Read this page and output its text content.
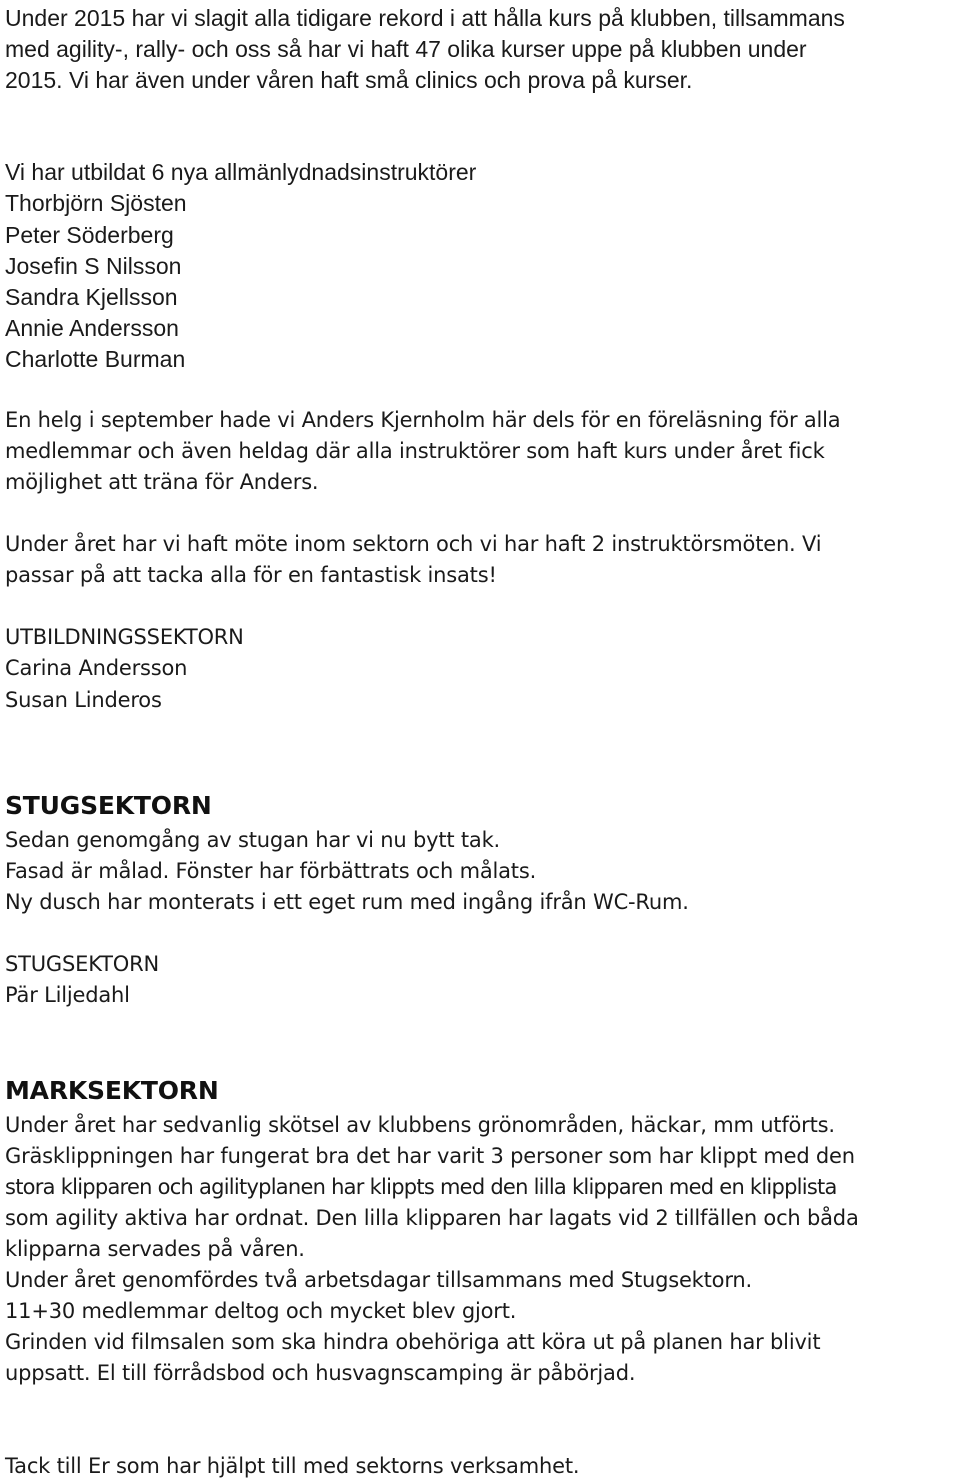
Under 2015 har vi slagit alla tidigare rekord i att hålla kurs på klubben, tillsammans

med agility-, rally- och oss så har vi haft 47 olika kurser uppe på klubben under

2015. Vi har även under våren haft små clinics och prova på kurser.

Vi har utbildat 6 nya allmänlydnadsinstruktörer

Thorbjörn Sjösten

Peter Söderberg

Josefin S Nilsson

Sandra Kjellsson

Annie Andersson

Charlotte Burman

En helg i september hade vi Anders Kjernholm här dels för en föreläsning för alla

medlemmar och även heldag där alla instruktörer som haft kurs under året fick

möjlighet att träna för Anders.

Under året har vi haft möte inom sektorn och vi har haft 2 instruktörsmöten. Vi

passar på att tacka alla för en fantastisk insats!

UTBILDNINGSSEKTORN

Carina Andersson

Susan Linderos

STUGSEKTORN

Sedan genomgång av stugan har vi nu bytt tak.

Fasad är målad. Fönster har förbättrats och målats.

Ny dusch har monterats i ett eget rum med ingång ifrån WC-Rum.

STUGSEKTORN

Pär Liljedahl

MARKSEKTORN

Under året har sedvanlig skötsel av klubbens grönområden, häckar, mm utförts.

Gräsklippningen har fungerat bra det har varit 3 personer som har klippt med den

stora klipparen och agilityplanen har klippts med den lilla klipparen med en klipplista

som agility aktiva har ordnat. Den lilla klipparen har lagats vid 2 tillfällen och båda

klipparna servades på våren.

Under året genomfördes två arbetsdagar tillsammans med Stugsektorn.

11+30 medlemmar deltog och mycket blev gjort.

Grinden vid filmsalen som ska hindra obehöriga att köra ut på planen har blivit

uppsatt. El till förrådsbod och husvagnscamping är påbörjad.

Tack till Er som har hjälpt till med sektorns verksamhet.
